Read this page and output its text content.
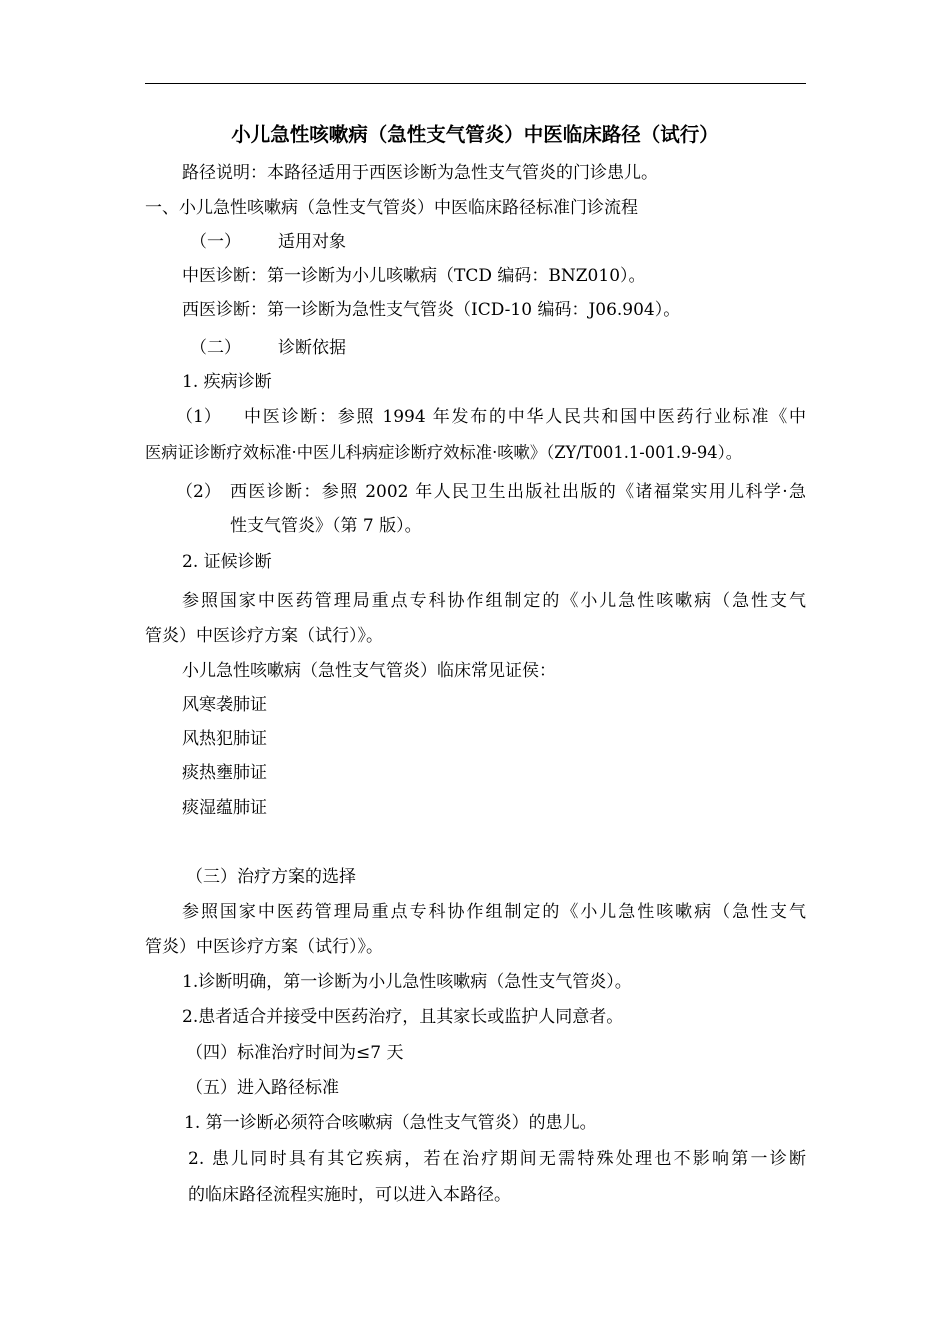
小儿急性咳嗽病（急性支气管炎）中医临床路径（试行）
路径说明：本路径适用于西医诊断为急性支气管炎的门诊患儿。
一、小儿急性咳嗽病（急性支气管炎）中医临床路径标准门诊流程
（一） 适用对象
中医诊断：第一诊断为小儿咳嗽病（TCD 编码：BNZ010）。
西医诊断：第一诊断为急性支气管炎（ICD-10 编码：J06.904）。
（二） 诊断依据
1. 疾病诊断
（1） 中医诊断：参照 1994 年发布的中华人民共和国中医药行业标准《中
医病证诊断疗效标准·中医儿科病症诊断疗效标准·咳嗽》（ZY/T001.1-001.9-94）。
（2） 西医诊断：参照 2002 年人民卫生出版社出版的《诸福棠实用儿科学·急
性支气管炎》（第 7 版）。
2. 证候诊断
参照国家中医药管理局重点专科协作组制定的《小儿急性咳嗽病（急性支气
管炎）中医诊疗方案（试行）》。
小儿急性咳嗽病（急性支气管炎）临床常见证侯：
风寒袭肺证
风热犯肺证
痰热壅肺证
痰湿蕴肺证
（三）治疗方案的选择
参照国家中医药管理局重点专科协作组制定的《小儿急性咳嗽病（急性支气
管炎）中医诊疗方案（试行）》。
1.诊断明确，第一诊断为小儿急性咳嗽病（急性支气管炎）。
2.患者适合并接受中医药治疗，且其家长或监护人同意者。
（四）标准治疗时间为≤7 天
（五）进入路径标准
1. 第一诊断必须符合咳嗽病（急性支气管炎）的患儿。
2. 患儿同时具有其它疾病，若在治疗期间无需特殊处理也不影响第一诊断
的临床路径流程实施时，可以进入本路径。
